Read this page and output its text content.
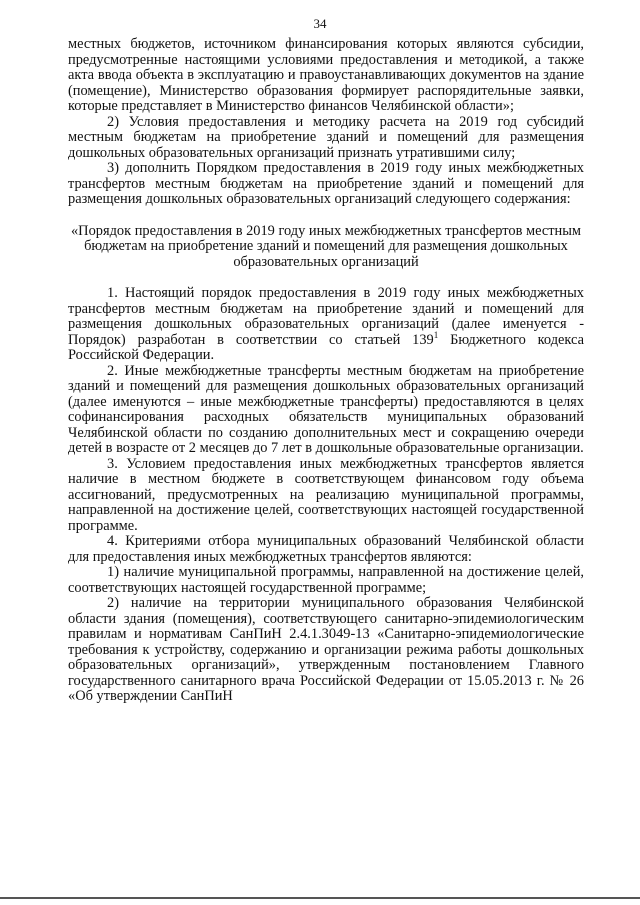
34

местных бюджетов, источником финансирования которых являются субсидии, предусмотренные настоящими условиями предоставления и методикой, а также акта ввода объекта в эксплуатацию и правоустанавливающих документов на здание (помещение), Министерство образования формирует распорядительные заявки, которые представляет в Министерство финансов Челябинской области»;

2) Условия предоставления и методику расчета на 2019 год субсидий местным бюджетам на приобретение зданий и помещений для размещения дошкольных образовательных организаций признать утратившими силу;

3) дополнить Порядком предоставления в 2019 году иных межбюджетных трансфертов местным бюджетам на приобретение зданий и помещений для размещения дошкольных образовательных организаций следующего содержания:

«Порядок предоставления в 2019 году иных межбюджетных трансфертов местным бюджетам на приобретение зданий и помещений для размещения дошкольных образовательных организаций

1. Настоящий порядок предоставления в 2019 году иных межбюджетных трансфертов местным бюджетам на приобретение зданий и помещений для размещения дошкольных образовательных организаций (далее именуется - Порядок) разработан в соответствии со статьей $139^1$ Бюджетного кодекса Российской Федерации.

2. Иные межбюджетные трансферты местным бюджетам на приобретение зданий и помещений для размещения дошкольных образовательных организаций (далее именуются – иные межбюджетные трансферты) предоставляются в целях софинансирования расходных обязательств муниципальных образований Челябинской области по созданию дополнительных мест и сокращению очереди детей в возрасте от 2 месяцев до 7 лет в дошкольные образовательные организации.

3. Условием предоставления иных межбюджетных трансфертов является наличие в местном бюджете в соответствующем финансовом году объема ассигнований, предусмотренных на реализацию муниципальной программы, направленной на достижение целей, соответствующих настоящей государственной программе.

4. Критериями отбора муниципальных образований Челябинской области для предоставления иных межбюджетных трансфертов являются:

1) наличие муниципальной программы, направленной на достижение целей, соответствующих настоящей государственной программе;

2) наличие на территории муниципального образования Челябинской области здания (помещения), соответствующего санитарно-эпидемиологическим правилам и нормативам СанПиН 2.4.1.3049-13 «Санитарно-эпидемиологические требования к устройству, содержанию и организации режима работы дошкольных образовательных организаций», утвержденным постановлением Главного государственного санитарного врача Российской Федерации от 15.05.2013 г. № 26 «Об утверждении СанПиН
